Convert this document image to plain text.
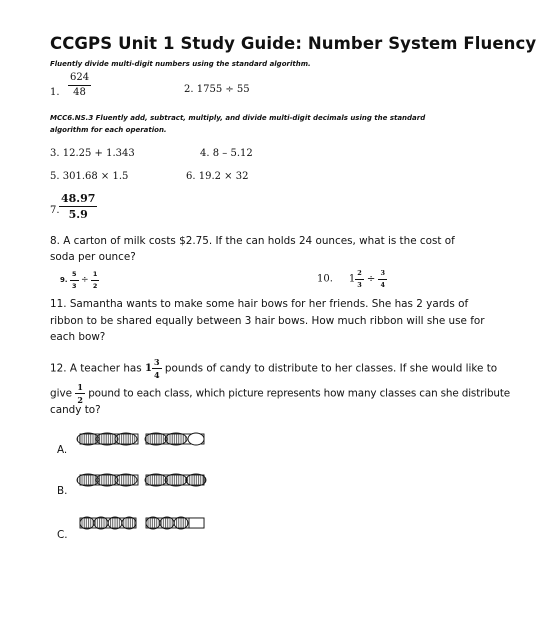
CCGPS Unit 1 Study Guide: Number System Fluency
Fluently divide multi-digit numbers using the standard algorithm.
1. $\frac{624}{48}$	2. 1755 ÷ 55
MCC6.NS.3 Fluently add, subtract, multiply, and divide multi-digit decimals using the standard
algorithm for each operation.
3. 12.25 + 1.343	4. 8 – 5.12
5. 301.68 × 1.5	6. 19.2 × 32
7. $\frac{48.97}{5.9}$
8. A carton of milk costs $2.75. If the can holds 24 ounces, what is the cost of
soda per ounce?
9. $\frac{5}{3} \div \frac{1}{2}$	10. $1 \frac{2}{3} \div \frac{3}{4}$
11. Samantha wants to make some hair bows for her friends. She has 2 yards of
ribbon to be shared equally between 3 hair bows. How much ribbon will she use for
each bow?
12. A teacher has $1 \frac{3}{4}$ pounds of candy to distribute to her classes. If she would like to
give $\frac{1}{2}$ pound to each class, which picture represents how many classes can she distribute
candy to?
A.
B.
C.
